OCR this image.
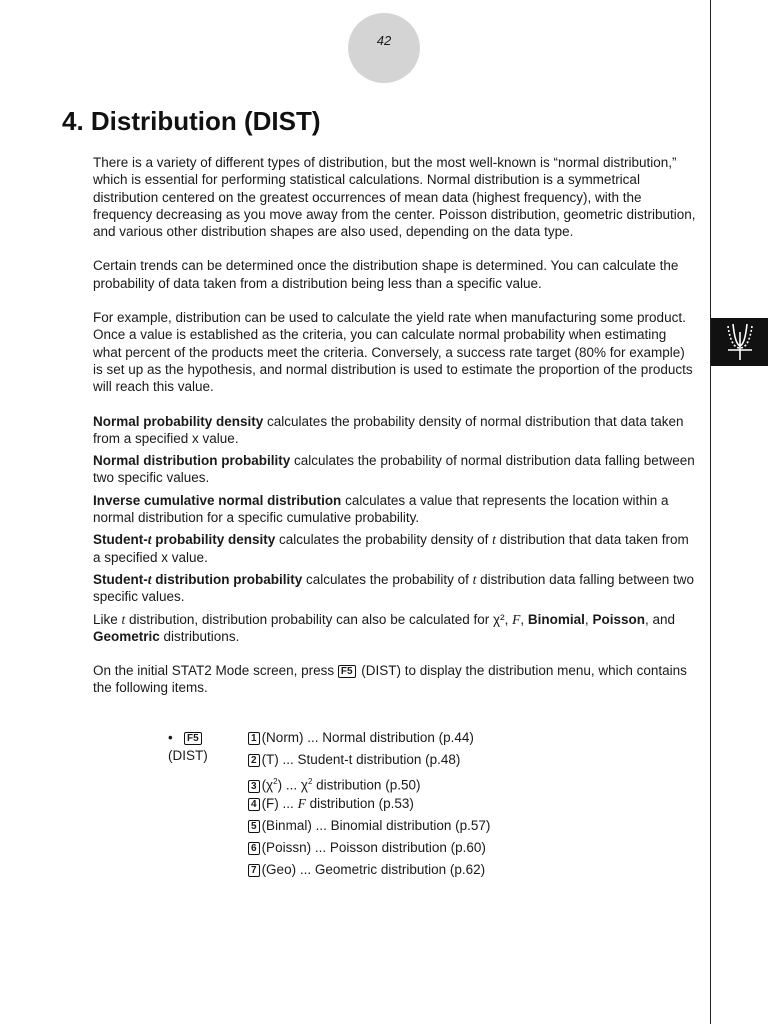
42
4. Distribution (DIST)

There is a variety of different types of distribution, but the most well-known is “normal distribution,” which is essential for performing statistical calculations. Normal distribution is a symmetrical distribution centered on the greatest occurrences of mean data (highest frequency), with the frequency decreasing as you move away from the center. Poisson distribution, geometric distribution, and various other distribution shapes are also used, depending on the data type.

Certain trends can be determined once the distribution shape is determined. You can calculate the probability of data taken from a distribution being less than a specific value.

For example, distribution can be used to calculate the yield rate when manufacturing some product. Once a value is established as the criteria, you can calculate normal probability when estimating what percent of the products meet the criteria. Conversely, a success rate target (80% for example) is set up as the hypothesis, and normal distribution is used to estimate the proportion of the products will reach this value.

Normal probability density calculates the probability density of normal distribution that data taken from a specified x value.

Normal distribution probability calculates the probability of normal distribution data falling between two specific values.

Inverse cumulative normal distribution calculates a value that represents the location within a normal distribution for a specific cumulative probability.

Student-t probability density calculates the probability density of t distribution that data taken from a specified x value.

Student-t distribution probability calculates the probability of t distribution data falling between two specific values.

Like t distribution, distribution probability can also be calculated for χ², F, Binomial, Poisson, and Geometric distributions.

On the initial STAT2 Mode screen, press F5 (DIST) to display the distribution menu, which contains the following items.

• F5(DIST)
1 (Norm) ... Normal distribution (p.44)
2 (T) ... Student-t distribution (p.48)
3 $(\chi^2)$ ... $\chi^2$ distribution (p.50)
4 (F) ... F distribution (p.53)
5 (Binmal) ... Binomial distribution (p.57)
6 (Poissn) ... Poisson distribution (p.60)
7 (Geo) ... Geometric distribution (p.62)
